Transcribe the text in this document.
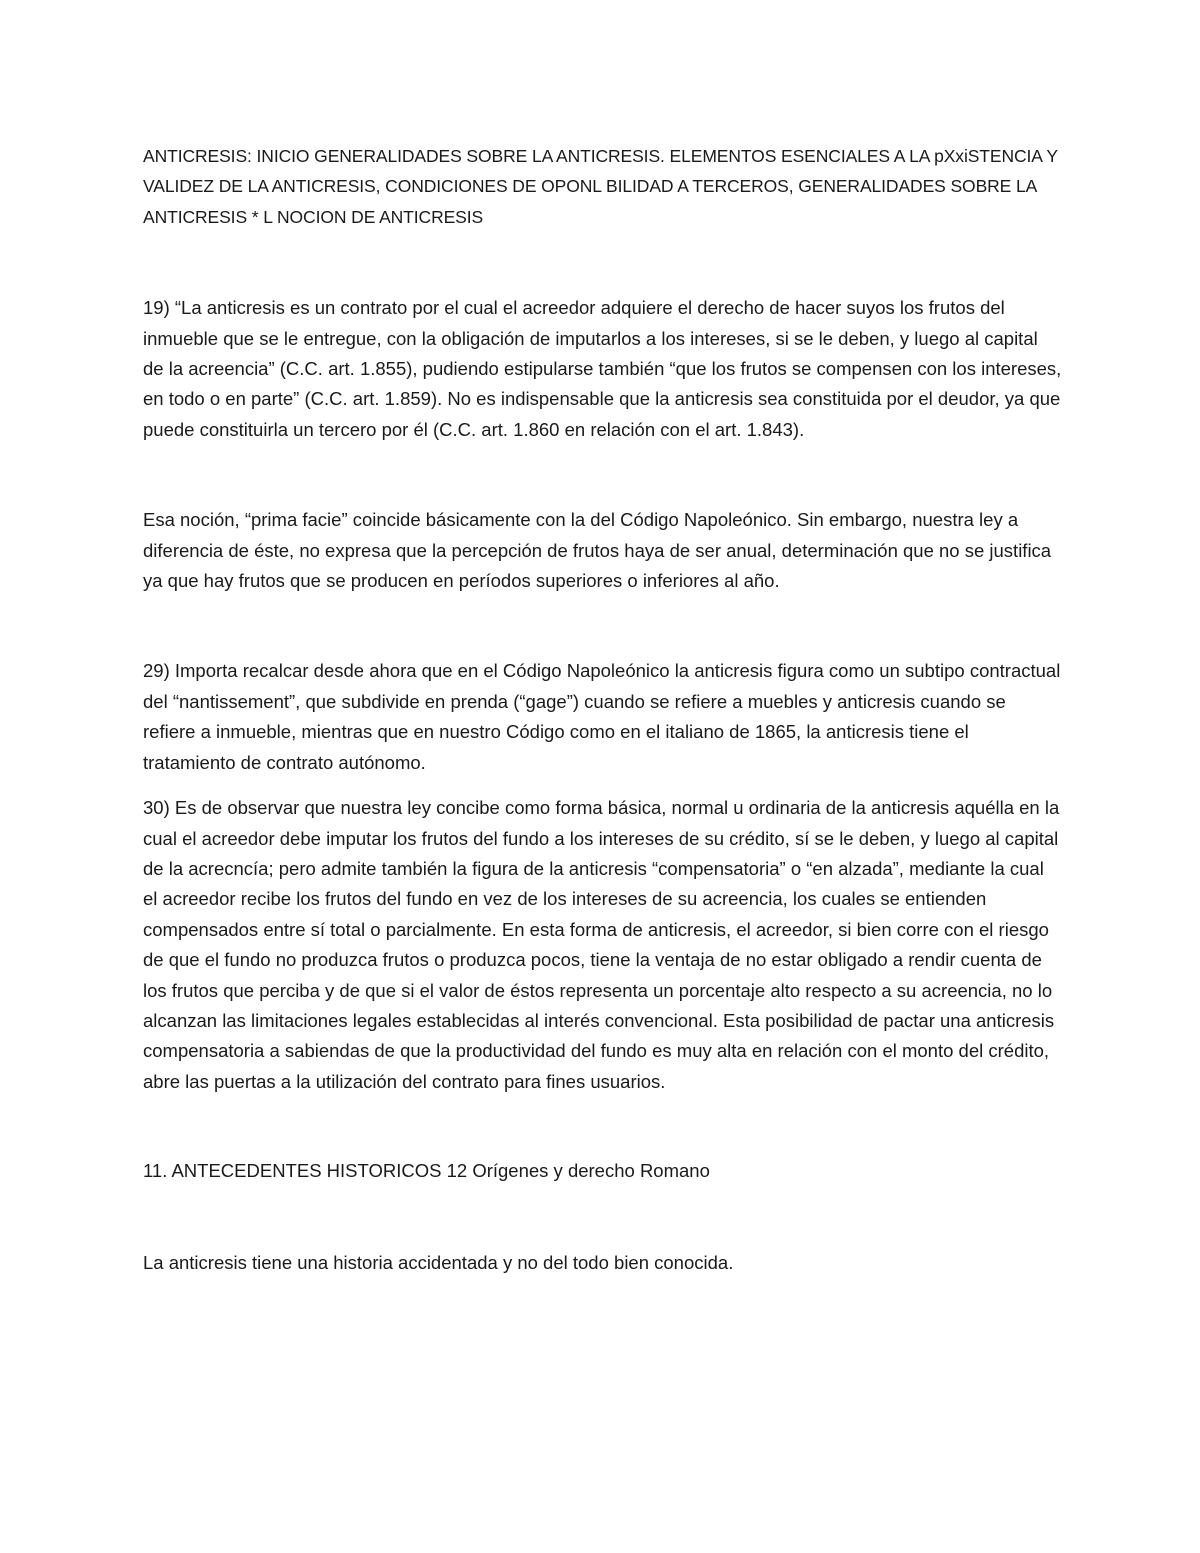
ANTICRESIS: INICIO GENERALIDADES SOBRE LA ANTICRESIS. ELEMENTOS ESENCIALES A LA pXxiSTENCIA Y VALIDEZ DE LA ANTICRESIS, CONDICIONES DE OPONL BILIDAD A TERCEROS, GENERALIDADES SOBRE LA ANTICRESIS * L NOCION DE ANTICRESIS

19) “La anticresis es un contrato por el cual el acreedor adquiere el derecho de hacer suyos los frutos del inmueble que se le entregue, con la obligación de imputarlos a los intereses, si se le deben, y luego al capital de la acreencia” (C.C. art. 1.855), pudiendo estipularse también “que los frutos se compensen con los intereses, en todo o en parte” (C.C. art. 1.859). No es indispensable que la anticresis sea constituida por el deudor, ya que puede constituirla un tercero por él (C.C. art. 1.860 en relación con el art. 1.843).

Esa noción, “prima facie” coincide básicamente con la del Código Napoleónico. Sin embargo, nuestra ley a diferencia de éste, no expresa que la percepción de frutos haya de ser anual, determinación que no se justifica ya que hay frutos que se producen en períodos superiores o inferiores al año.

29) Importa recalcar desde ahora que en el Código Napoleónico la anticresis figura como un subtipo contractual del “nantissement”, que subdivide en prenda (“gage”) cuando se refiere a muebles y anticresis cuando se refiere a inmueble, mientras que en nuestro Código como en el italiano de 1865, la anticresis tiene el tratamiento de contrato autónomo.

30) Es de observar que nuestra ley concibe como forma básica, normal u ordinaria de la anticresis aquélla en la cual el acreedor debe imputar los frutos del fundo a los intereses de su crédito, sí se le deben, y luego al capital de la acrecncía; pero admite también la figura de la anticresis “compensatoria” o “en alzada”, mediante la cual el acreedor recibe los frutos del fundo en vez de los intereses de su acreencia, los cuales se entienden compensados entre sí total o parcialmente. En esta forma de anticresis, el acreedor, si bien corre con el riesgo de que el fundo no produzca frutos o produzca pocos, tiene la ventaja de no estar obligado a rendir cuenta de los frutos que perciba y de que si el valor de éstos representa un porcentaje alto respecto a su acreencia, no lo alcanzan las limitaciones legales establecidas al interés convencional. Esta posibilidad de pactar una anticresis compensatoria a sabiendas de que la productividad del fundo es muy alta en relación con el monto del crédito, abre las puertas a la utilización del contrato para fines usuarios.

11. ANTECEDENTES HISTORICOS 12 Orígenes y derecho Romano

La anticresis tiene una historia accidentada y no del todo bien conocida.
